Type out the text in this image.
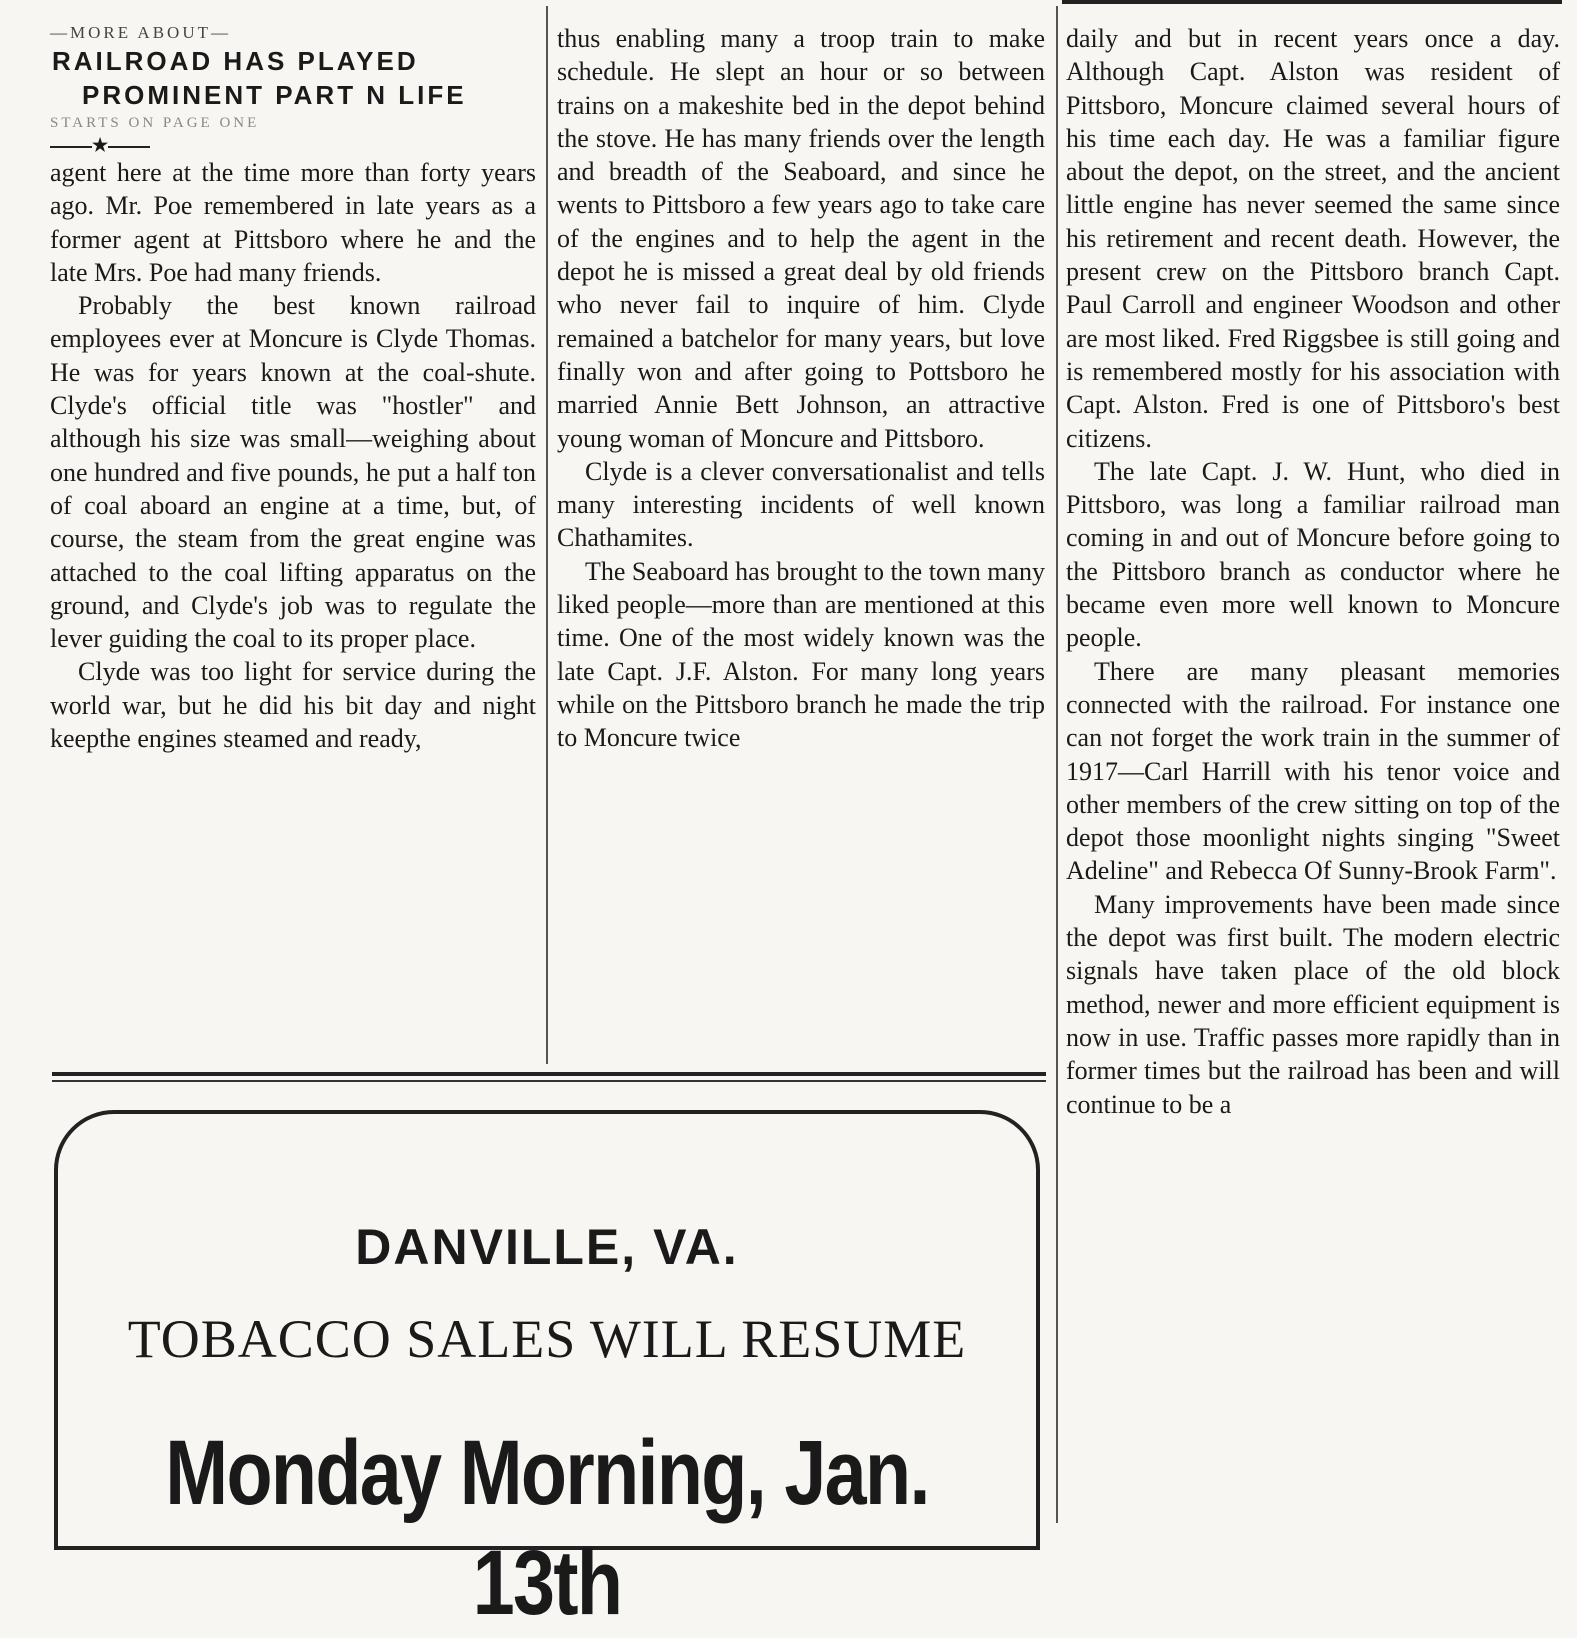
—MORE ABOUT—

RAILROAD HAS PLAYED

PROMINENT PART N LIFE

STARTS ON PAGE ONE

★

agent here at the time more than forty years ago. Mr. Poe remembered in late years as a former agent at Pittsboro where he and the late Mrs. Poe had many friends.

Probably the best known railroad employees ever at Moncure is Clyde Thomas. He was for years known at the coal-shute. Clyde's official title was "hostler" and although his size was small—weighing about one hundred and five pounds, he put a half ton of coal aboard an engine at a time, but, of course, the steam from the great engine was attached to the coal lifting apparatus on the ground, and Clyde's job was to regulate the lever guiding the coal to its proper place.

Clyde was too light for service during the world war, but he did his bit day and night keepthe engines steamed and ready,

thus enabling many a troop train to make schedule. He slept an hour or so between trains on a makeshite bed in the depot behind the stove. He has many friends over the length and breadth of the Seaboard, and since he wents to Pittsboro a few years ago to take care of the engines and to help the agent in the depot he is missed a great deal by old friends who never fail to inquire of him. Clyde remained a batchelor for many years, but love finally won and after going to Pottsboro he married Annie Bett Johnson, an attractive young woman of Moncure and Pittsboro.

Clyde is a clever conversationalist and tells many interesting incidents of well known Chathamites.

The Seaboard has brought to the town many liked people—more than are mentioned at this time. One of the most widely known was the late Capt. J.F. Alston. For many long years while on the Pittsboro branch he made the trip to Moncure twice

daily and but in recent years once a day. Although Capt. Alston was resident of Pittsboro, Moncure claimed several hours of his time each day. He was a familiar figure about the depot, on the street, and the ancient little engine has never seemed the same since his retirement and recent death. However, the present crew on the Pittsboro branch Capt. Paul Carroll and engineer Woodson and other are most liked. Fred Riggsbee is still going and is remembered mostly for his association with Capt. Alston. Fred is one of Pittsboro's best citizens.

The late Capt. J. W. Hunt, who died in Pittsboro, was long a familiar railroad man coming in and out of Moncure before going to the Pittsboro branch as conductor where he became even more well known to Moncure people.

There are many pleasant memories connected with the railroad. For instance one can not forget the work train in the summer of 1917—Carl Harrill with his tenor voice and other members of the crew sitting on top of the depot those moonlight nights singing "Sweet Adeline" and Rebecca Of Sunny-Brook Farm".

Many improvements have been made since the depot was first built. The modern electric signals have taken place of the old block method, newer and more efficient equipment is now in use. Traffic passes more rapidly than in former times but the railroad has been and will continue to be a

DANVILLE, VA.

TOBACCO SALES WILL RESUME

Monday Morning, Jan. 13th
